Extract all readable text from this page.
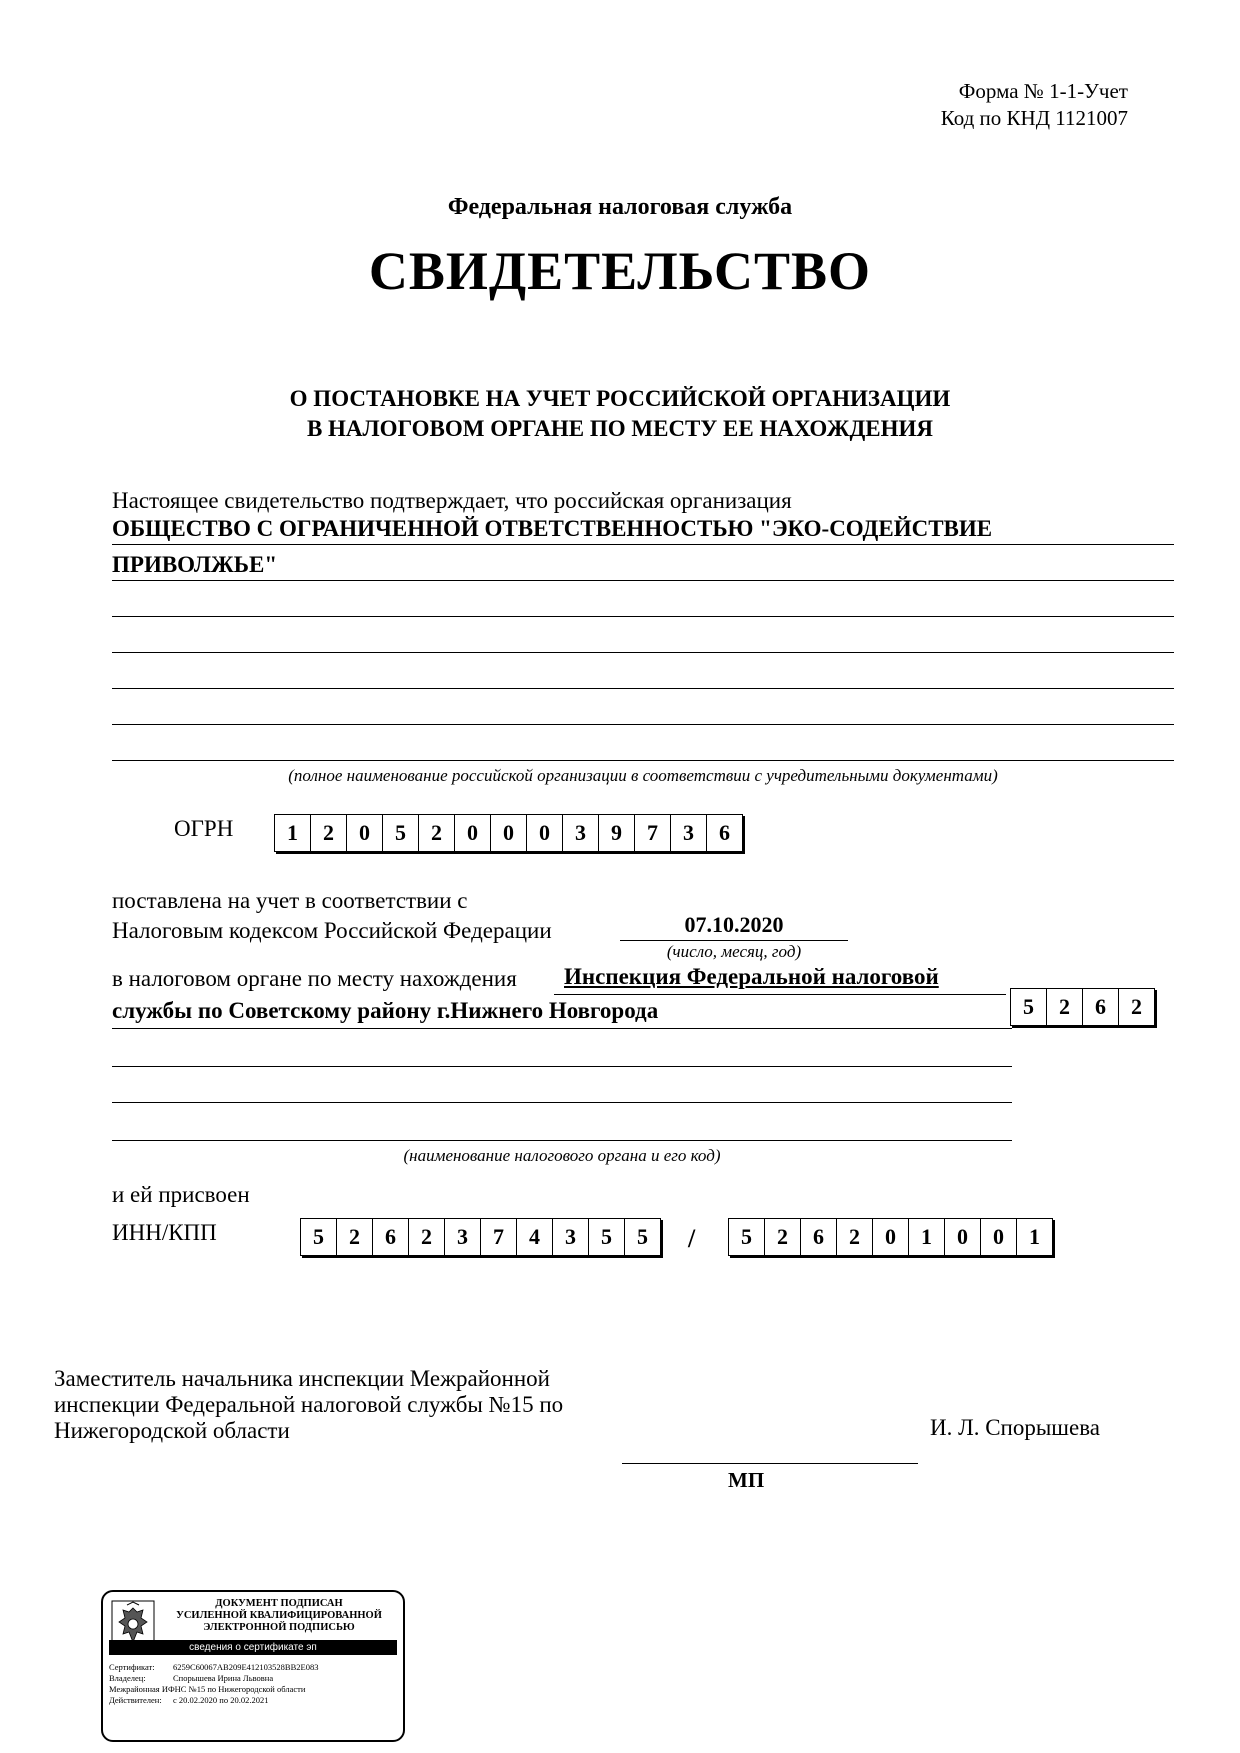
Форма № 1-1-Учет
Код по КНД 1121007
Федеральная налоговая служба
СВИДЕТЕЛЬСТВО
О ПОСТАНОВКЕ НА УЧЕТ РОССИЙСКОЙ ОРГАНИЗАЦИИ
В НАЛОГОВОМ ОРГАНЕ ПО МЕСТУ ЕЕ НАХОЖДЕНИЯ
Настоящее свидетельство подтверждает, что российская организация
ОБЩЕСТВО С ОГРАНИЧЕННОЙ ОТВЕТСТВЕННОСТЬЮ "ЭКО-СОДЕЙСТВИЕ
ПРИВОЛЖЬЕ"
(полное наименование российской организации в соответствии с учредительными документами)
ОГРН	1	2	0	5	2	0	0	0	3	9	7	3	6
поставлена на учет в соответствии с
Налоговым кодексом Российской Федерации	07.10.2020
(число, месяц, год)
в налоговом органе по месту нахождения Инспекция Федеральной налоговой
службы по Советскому району г.Нижнего Новгорода	5	2	6	2
(наименование налогового органа и его код)
и ей присвоен
ИНН/КПП	5	2	6	2	3	7	4	3	5	5	/	5	2	6	2	0	1	0	0	1
Заместитель начальника инспекции Межрайонной
инспекции Федеральной налоговой службы №15 по
Нижегородской области	И. Л. Спорышева
МП
ДОКУМЕНТ ПОДПИСАН
УСИЛЕННОЙ КВАЛИФИЦИРОВАННОЙ
ЭЛЕКТРОННОЙ ПОДПИСЬЮ
сведения о сертификате эп
Сертификат:	6259C60067AB209E412103528BB2E083
Владелец:	Спорышева Ирина Львовна
Межрайонная ИФНС №15 по Нижегородской области
Действителен:	с 20.02.2020 по 20.02.2021
